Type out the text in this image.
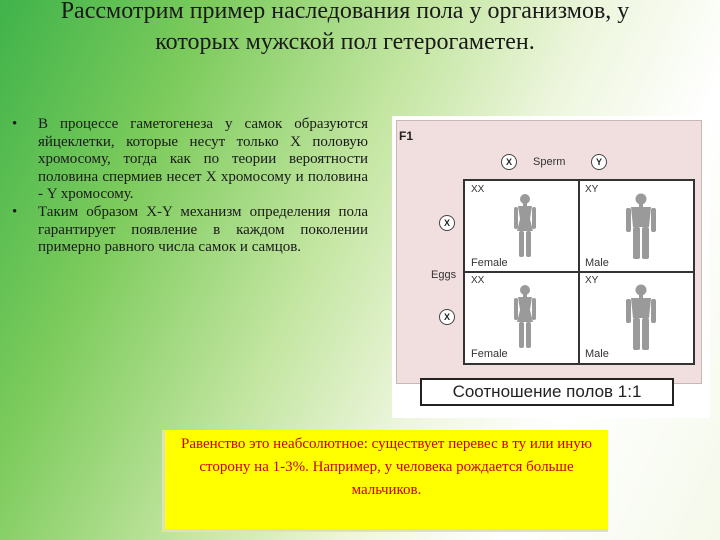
Рассмотрим пример наследования пола у организмов, у которых мужской пол гетерогаметен.
• В процессе гаметогенеза у самок образуются яйцеклетки, которые несут только X половую хромосому, тогда как по теории вероятности половина спермиев несет X хромосому и половина - Y хромосому.
• Таким образом X-Y механизм определения пола гарантирует появление в каждом поколении примерно равного числа самок и самцов.
F1
X	Sperm	Y
X
Eggs
X
XX
Female
XY
Male
XX
Female
XY
Male
Соотношение полов 1:1
Равенство это неабсолютное: существует перевес в ту или иную сторону на 1-3%. Например, у человека рождается больше мальчиков.
